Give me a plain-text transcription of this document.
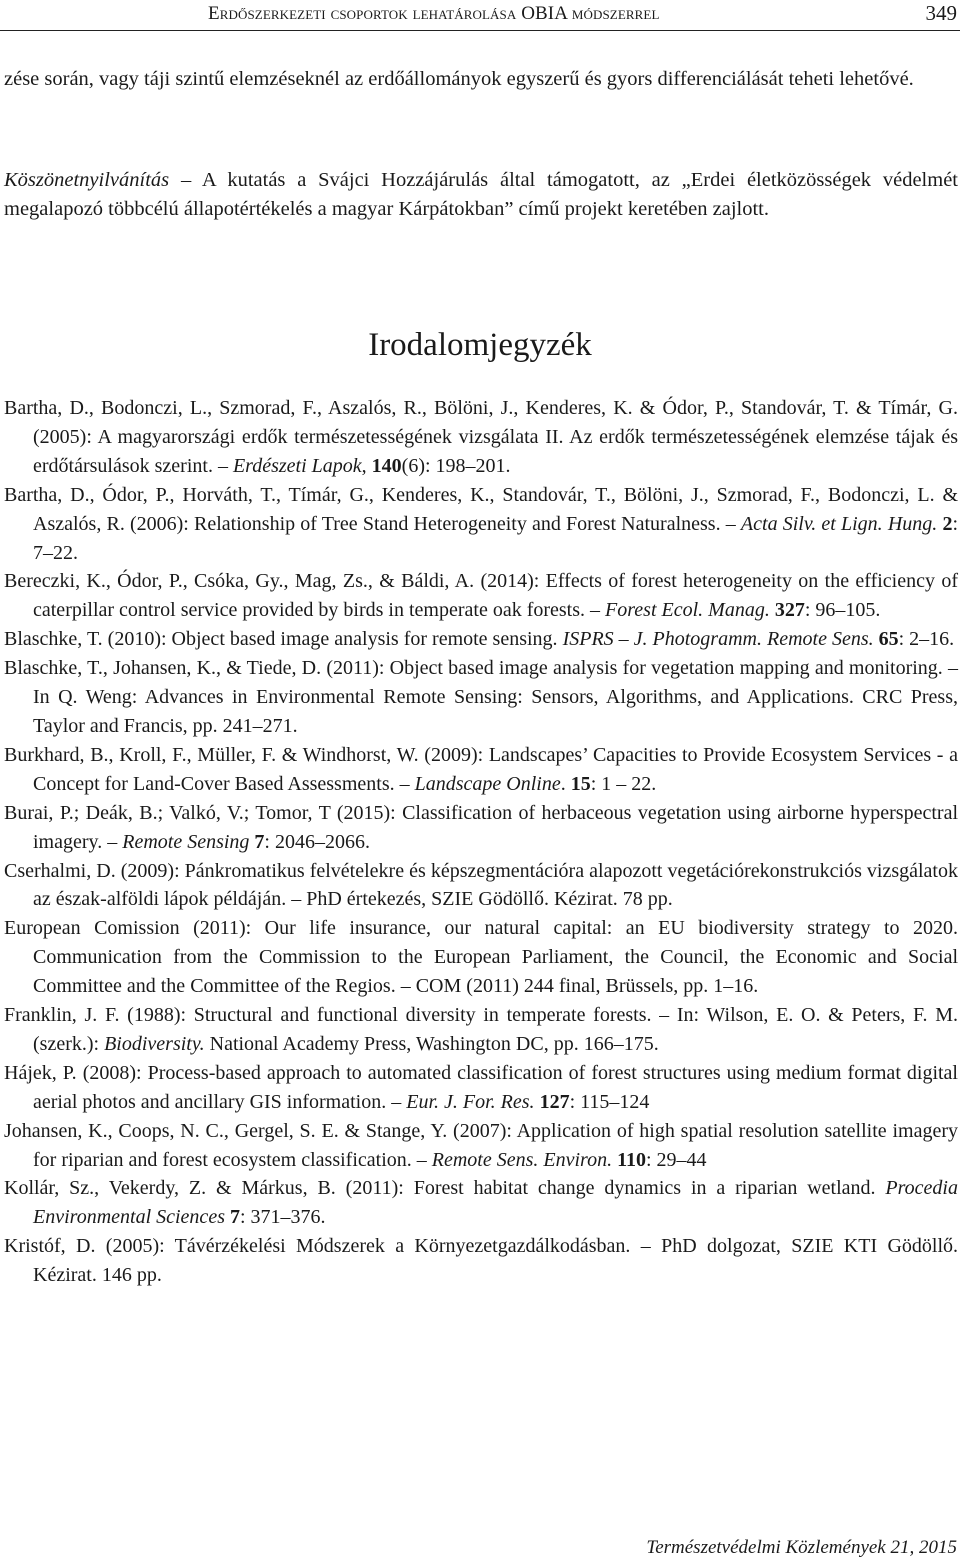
Erdőszerkezeti csoportok lehatárolása OBIA módszerrel	349

zése során, vagy táji szintű elemzéseknél az erdőállományok egyszerű és gyors differenciálását teheti lehetővé.

Köszönetnyilvánítás – A kutatás a Svájci Hozzájárulás által támogatott, az „Erdei életközösségek védelmét megalapozó többcélú állapotértékelés a magyar Kárpátokban” című projekt keretében zajlott.

Irodalomjegyzék
Bartha, D., Bodonczi, L., Szmorad, F., Aszalós, R., Bölöni, J., Kenderes, K. & Ódor, P., Standovár, T. & Tímár, G. (2005): A magyarországi erdők természetességének vizsgálata II. Az erdők természetességének elemzése tájak és erdőtársulások szerint. – Erdészeti Lapok, 140(6): 198–201.
Bartha, D., Ódor, P., Horváth, T., Tímár, G., Kenderes, K., Standovár, T., Bölöni, J., Szmorad, F., Bodonczi, L. & Aszalós, R. (2006): Relationship of Tree Stand Heterogeneity and Forest Naturalness. – Acta Silv. et Lign. Hung. 2: 7–22.
Bereczki, K., Ódor, P., Csóka, Gy., Mag, Zs., & Báldi, A. (2014): Effects of forest heterogeneity on the efficiency of caterpillar control service provided by birds in temperate oak forests. – Forest Ecol. Manag. 327: 96–105.
Blaschke, T. (2010): Object based image analysis for remote sensing. ISPRS – J. Photogramm. Remote Sens. 65: 2–16.
Blaschke, T., Johansen, K., & Tiede, D. (2011): Object based image analysis for vegetation mapping and monitoring. – In Q. Weng: Advances in Environmental Remote Sensing: Sensors, Algorithms, and Applications. CRC Press, Taylor and Francis, pp. 241–271.
Burkhard, B., Kroll, F., Müller, F. & Windhorst, W. (2009): Landscapes’ Capacities to Provide Ecosystem Services - a Concept for Land-Cover Based Assessments. – Landscape Online. 15: 1 – 22.
Burai, P.; Deák, B.; Valkó, V.; Tomor, T (2015): Classification of herbaceous vegetation using airborne hyperspectral imagery. – Remote Sensing 7: 2046–2066.
Cserhalmi, D. (2009): Pánkromatikus felvételekre és képszegmentációra alapozott vegetációrekonstrukciós vizsgálatok az észak-alföldi lápok példáján. – PhD értekezés, SZIE Gödöllő. Kézirat. 78 pp.
European Comission (2011): Our life insurance, our natural capital: an EU biodiversity strategy to 2020. Communication from the Commission to the European Parliament, the Council, the Economic and Social Committee and the Committee of the Regios. – COM (2011) 244 final, Brüssels, pp. 1–16.
Franklin, J. F. (1988): Structural and functional diversity in temperate forests. – In: Wilson, E. O. & Peters, F. M. (szerk.): Biodiversity. National Academy Press, Washington DC, pp. 166–175.
Hájek, P. (2008): Process-based approach to automated classification of forest structures using medium format digital aerial photos and ancillary GIS information. – Eur. J. For. Res. 127: 115–124
Johansen, K., Coops, N. C., Gergel, S. E. & Stange, Y. (2007): Application of high spatial resolution satellite imagery for riparian and forest ecosystem classification. – Remote Sens. Environ. 110: 29–44
Kollár, Sz., Vekerdy, Z. & Márkus, B. (2011): Forest habitat change dynamics in a riparian wetland. Procedia Environmental Sciences 7: 371–376.
Kristóf, D. (2005): Távérzékelési Módszerek a Környezetgazdálkodásban. – PhD dolgozat, SZIE KTI Gödöllő. Kézirat. 146 pp.
Természetvédelmi Közlemények 21, 2015
